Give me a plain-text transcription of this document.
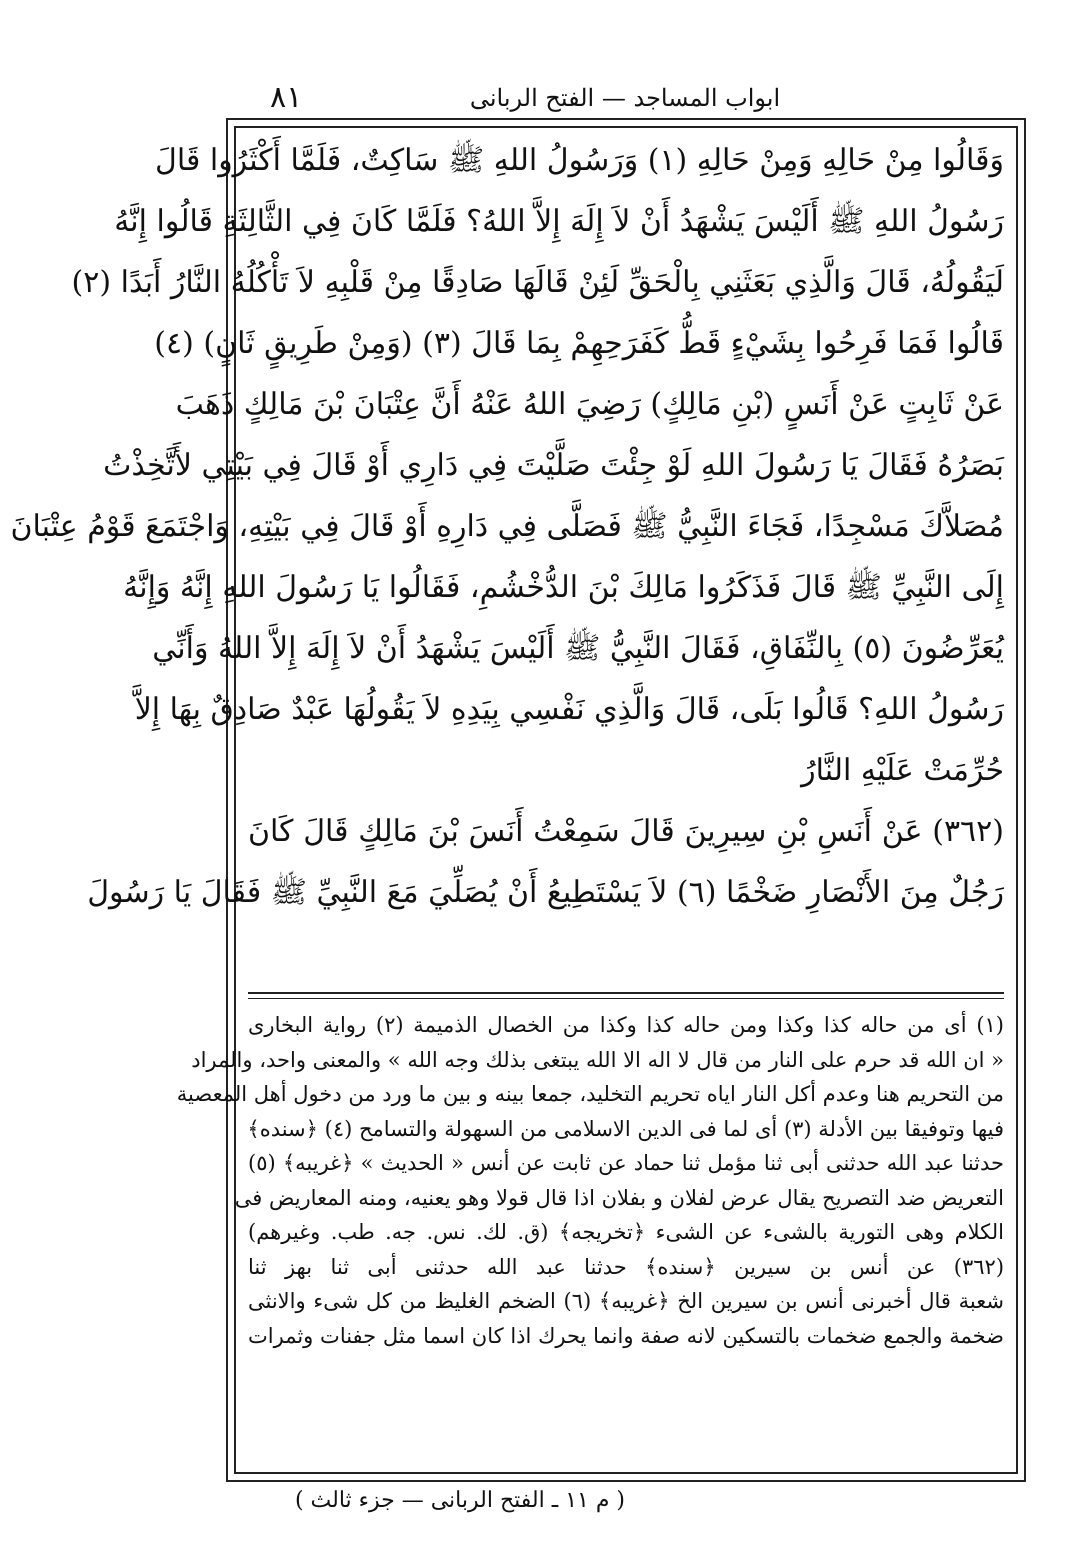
٨١	ابواب المساجد — الفتح الربانى
وَقَالُوا مِنْ حَالِهِ وَمِنْ حَالِهِ (١) وَرَسُولُ اللهِ ﷺ سَاكِتٌ، فَلَمَّا أَكْثَرُوا قَالَ
رَسُولُ اللهِ ﷺ أَلَيْسَ يَشْهَدُ أَنْ لاَ إِلَهَ إِلاَّ اللهُ؟ فَلَمَّا كَانَ فِي الثَّالِثَةِ قَالُوا إِنَّهُ
لَيَقُولُهُ، قَالَ وَالَّذِي بَعَثَنِي بِالْحَقِّ لَئِنْ قَالَهَا صَادِقًا مِنْ قَلْبِهِ لاَ تَأْكُلُهُ النَّارُ أَبَدًا (٢)
قَالُوا فَمَا فَرِحُوا بِشَيْءٍ قَطُّ كَفَرَحِهِمْ بِمَا قَالَ (٣) (وَمِنْ طَرِيقٍ ثَانٍ) (٤)
عَنْ ثَابِتٍ عَنْ أَنَسٍ (بْنِ مَالِكٍ) رَضِيَ اللهُ عَنْهُ أَنَّ عِتْبَانَ بْنَ مَالِكٍ ذَهَبَ
بَصَرُهُ فَقَالَ يَا رَسُولَ اللهِ لَوْ جِئْتَ صَلَّيْتَ فِي دَارِي أَوْ قَالَ فِي بَيْتِي لأَتَّخِذْتُ
مُصَلاَّكَ مَسْجِدًا، فَجَاءَ النَّبِيُّ ﷺ فَصَلَّى فِي دَارِهِ أَوْ قَالَ فِي بَيْتِهِ، وَاجْتَمَعَ قَوْمُ عِتْبَانَ
إِلَى النَّبِيِّ ﷺ قَالَ فَذَكَرُوا مَالِكَ بْنَ الدُّخْشُمِ، فَقَالُوا يَا رَسُولَ اللهِ إِنَّهُ وَإِنَّهُ
يُعَرِّضُونَ (٥) بِالنِّفَاقِ، فَقَالَ النَّبِيُّ ﷺ أَلَيْسَ يَشْهَدُ أَنْ لاَ إِلَهَ إِلاَّ اللهُ وَأَنِّي
رَسُولُ اللهِ؟ قَالُوا بَلَى، قَالَ وَالَّذِي نَفْسِي بِيَدِهِ لاَ يَقُولُهَا عَبْدٌ صَادِقٌ بِهَا إِلاَّ
حُرِّمَتْ عَلَيْهِ النَّارُ
(٣٦٢) عَنْ أَنَسِ بْنِ سِيرِينَ قَالَ سَمِعْتُ أَنَسَ بْنَ مَالِكٍ قَالَ كَانَ
رَجُلٌ مِنَ الأَنْصَارِ ضَخْمًا (٦) لاَ يَسْتَطِيعُ أَنْ يُصَلِّيَ مَعَ النَّبِيِّ ﷺ فَقَالَ يَا رَسُولَ
(١) أى من حاله كذا وكذا ومن حاله كذا وكذا من الخصال الذميمة (٢) رواية البخارى
« ان الله قد حرم على النار من قال لا اله الا الله يبتغى بذلك وجه الله » والمعنى واحد، والمراد
من التحريم هنا وعدم أكل النار اياه تحريم التخليد، جمعا بينه و بين ما ورد من دخول أهل المعصية
فيها وتوفيقا بين الأدلة (٣) أى لما فى الدين الاسلامى من السهولة والتسامح (٤) ﴿سنده﴾
حدثنا عبد الله حدثنى أبى ثنا مؤمل ثنا حماد عن ثابت عن أنس « الحديث » ﴿غريبه﴾ (٥)
التعريض ضد التصريح يقال عرض لفلان و بفلان اذا قال قولا وهو يعنيه، ومنه المعاريض فى
الكلام وهى التورية بالشىء عن الشىء ﴿تخريجه﴾ (ق. لك. نس. جه. طب. وغيرهم)
(٣٦٢) عن أنس بن سيرين ﴿سنده﴾ حدثنا عبد الله حدثنى أبى ثنا بهز ثنا
شعبة قال أخبرنى أنس بن سيرين الخ ﴿غريبه﴾ (٦) الضخم الغليظ من كل شىء والانثى
ضخمة والجمع ضخمات بالتسكين لانه صفة وانما يحرك اذا كان اسما مثل جفنات وثمرات
( م ١١ ـ الفتح الربانى — جزء ثالث )
